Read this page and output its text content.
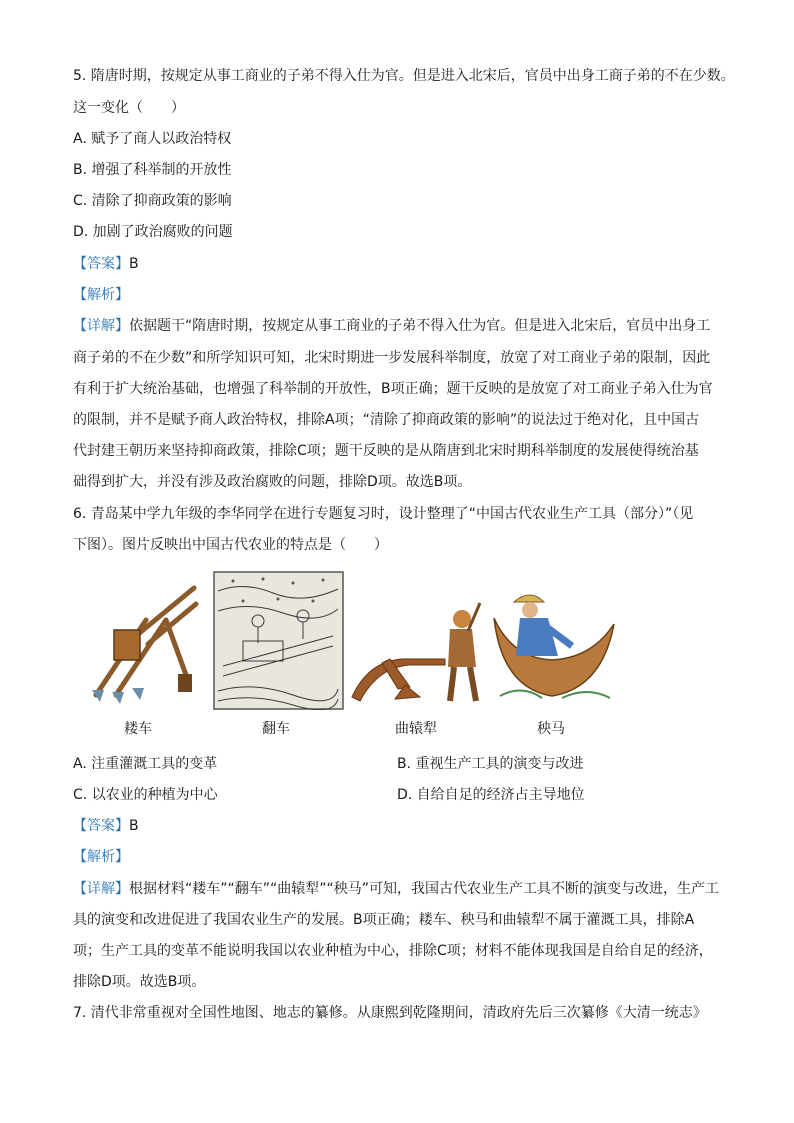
5. 隋唐时期，按规定从事工商业的子弟不得入仕为官。但是进入北宋后，官员中出身工商子弟的不在少数。
这一变化（　　）
A. 赋予了商人以政治特权
B. 增强了科举制的开放性
C. 清除了抑商政策的影响
D. 加剧了政治腐败的问题
【答案】B
【解析】
【详解】依据题干“隋唐时期，按规定从事工商业的子弟不得入仕为官。但是进入北宋后，官员中出身工
商子弟的不在少数”和所学知识可知，北宋时期进一步发展科举制度，放宽了对工商业子弟的限制，因此
有利于扩大统治基础，也增强了科举制的开放性，B项正确；题干反映的是放宽了对工商业子弟入仕为官
的限制，并不是赋予商人政治特权，排除A项；“清除了抑商政策的影响”的说法过于绝对化，且中国古
代封建王朝历来坚持抑商政策，排除C项；题干反映的是从隋唐到北宋时期科举制度的发展使得统治基
础得到扩大，并没有涉及政治腐败的问题，排除D项。故选B项。
6. 青岛某中学九年级的李华同学在进行专题复习时，设计整理了“中国古代农业生产工具（部分）”（见
下图）。图片反映出中国古代农业的特点是（　　）
耧车	翻车	曲辕犁	秧马
A. 注重灌溉工具的变革	B. 重视生产工具的演变与改进
C. 以农业的种植为中心	D. 自给自足的经济占主导地位
【答案】B
【解析】
【详解】根据材料“耧车”“翻车”“曲辕犁”“秧马”可知，我国古代农业生产工具不断的演变与改进，生产工
具的演变和改进促进了我国农业生产的发展。B项正确；耧车、秧马和曲辕犁不属于灌溉工具，排除A
项；生产工具的变革不能说明我国以农业种植为中心，排除C项；材料不能体现我国是自给自足的经济，
排除D项。故选B项。
7. 清代非常重视对全国性地图、地志的纂修。从康熙到乾隆期间，清政府先后三次纂修《大清一统志》
